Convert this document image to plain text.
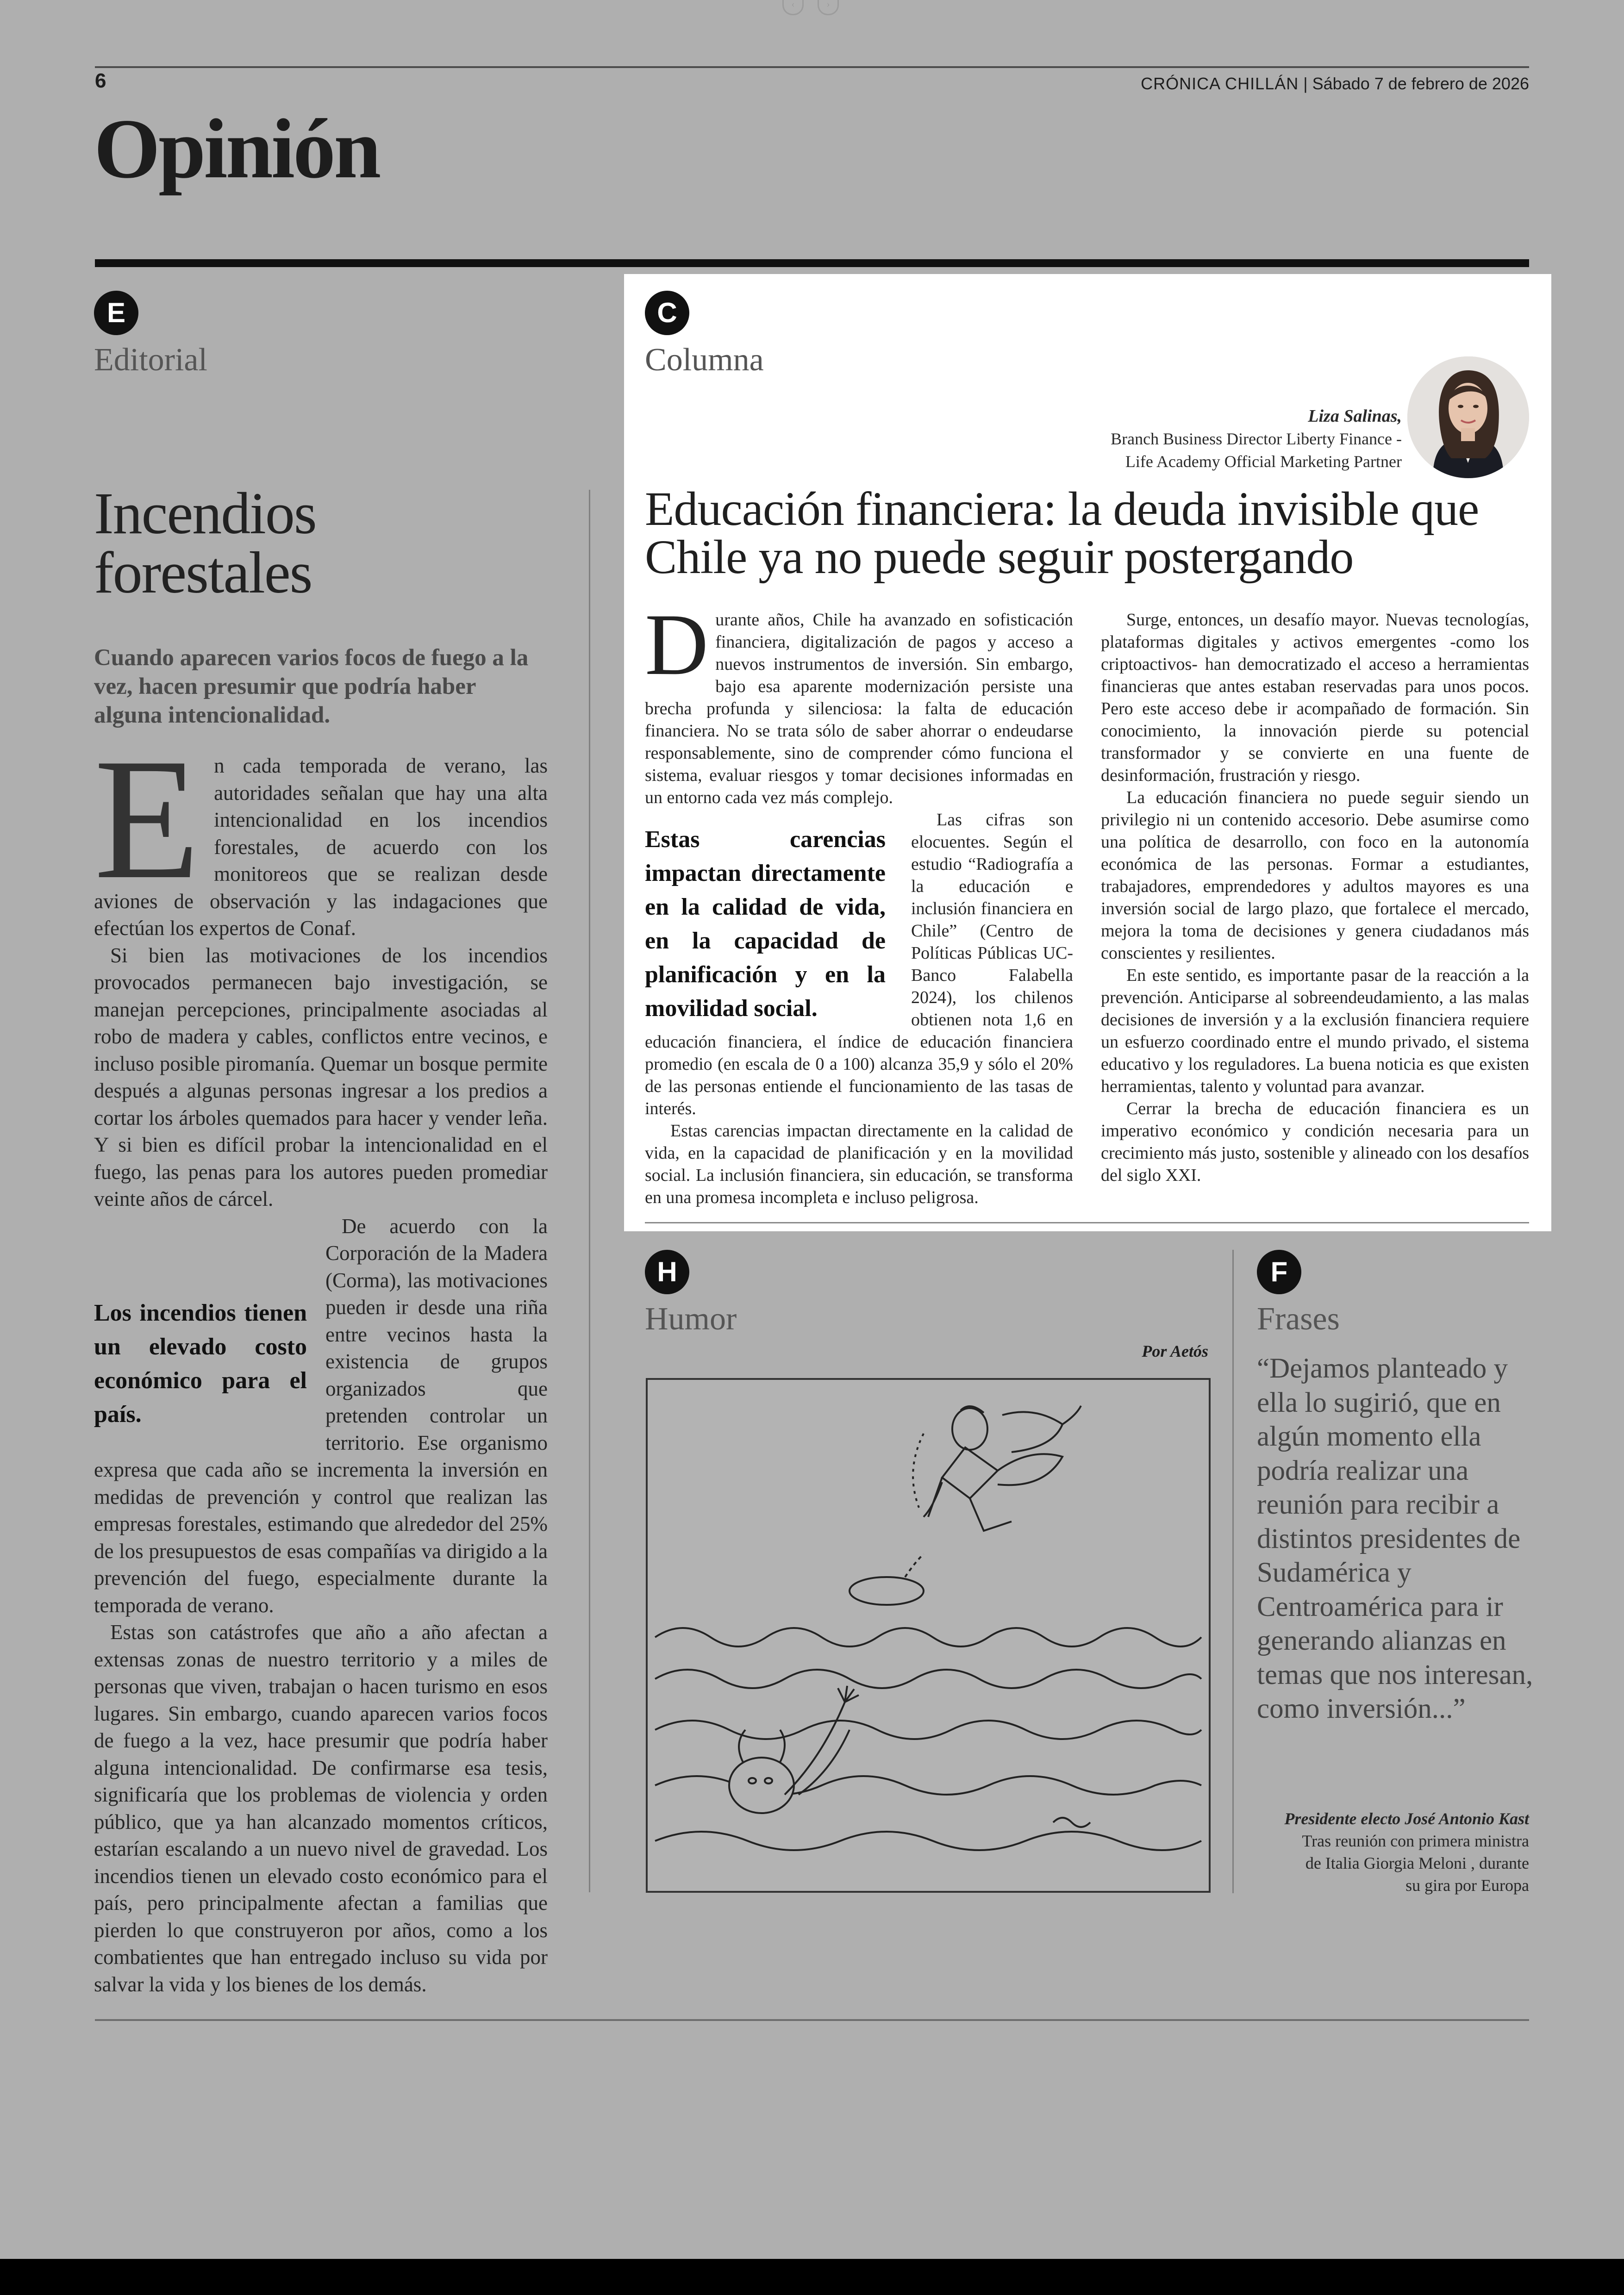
‹	›
6	CRÓNICA CHILLÁN | Sábado 7 de febrero de 2026
Opinión
E
Editorial
Incendios
forestales
Cuando aparecen varios focos de fuego a la vez, hacen presumir que podría haber alguna intencionalidad.

En cada temporada de verano, las autoridades señalan que hay una alta intencionalidad en los incendios forestales, de acuerdo con los monitoreos que se realizan desde aviones de observación y las indagaciones que efectúan los expertos de Conaf.

Si bien las motivaciones de los incendios provocados permanecen bajo investigación, se manejan percepciones, principalmente asociadas al robo de madera y cables, conflictos entre vecinos, e incluso posible piromanía. Quemar un bosque permite después a algunas personas ingresar a los predios a cortar los árboles quemados para hacer y vender leña. Y si bien es difícil probar la intencionalidad en el fuego, las penas para los autores pueden promediar veinte años de cárcel.

Los incendios tienen un elevado costo económico para el país.

De acuerdo con la Corporación de la Madera (Corma), las motivaciones pueden ir desde una riña entre vecinos hasta la existencia de grupos organizados que pretenden controlar un territorio. Ese organismo expresa que cada año se incrementa la inversión en medidas de prevención y control que realizan las empresas forestales, estimando que alrededor del 25% de los presupuestos de esas compañías va dirigido a la prevención del fuego, especialmente durante la temporada de verano.

Estas son catástrofes que año a año afectan a extensas zonas de nuestro territorio y a miles de personas que viven, trabajan o hacen turismo en esos lugares. Sin embargo, cuando aparecen varios focos de fuego a la vez, hace presumir que podría haber alguna intencionalidad. De confirmarse esa tesis, significaría que los problemas de violencia y orden público, que ya han alcanzado momentos críticos, estarían escalando a un nuevo nivel de gravedad. Los incendios tienen un elevado costo económico para el país, pero principalmente afectan a familias que pierden lo que construyeron por años, como a los combatientes que han entregado incluso su vida por salvar la vida y los bienes de los demás.

C
Columna
Liza Salinas,
Branch Business Director Liberty Finance -
Life Academy Official Marketing Partner
Educación financiera: la deuda invisible que Chile ya no puede seguir postergando

Durante años, Chile ha avanzado en sofisticación financiera, digitalización de pagos y acceso a nuevos instrumentos de inversión. Sin embargo, bajo esa aparente modernización persiste una brecha profunda y silenciosa: la falta de educación financiera. No se trata sólo de saber ahorrar o endeudarse responsablemente, sino de comprender cómo funciona el sistema, evaluar riesgos y tomar decisiones informadas en un entorno cada vez más complejo.

Estas carencias impactan directamente en la calidad de vida, en la capacidad de planificación y en la movilidad social.

Las cifras son elocuentes. Según el estudio “Radiografía a la educación e inclusión financiera en Chile” (Centro de Políticas Públicas UC-Banco Falabella 2024), los chilenos obtienen nota 1,6 en educación financiera, el índice de educación financiera promedio (en escala de 0 a 100) alcanza 35,9 y sólo el 20% de las personas entiende el funcionamiento de las tasas de interés.

Estas carencias impactan directamente en la calidad de vida, en la capacidad de planificación y en la movilidad social. La inclusión financiera, sin educación, se transforma en una promesa incompleta e incluso peligrosa.

Surge, entonces, un desafío mayor. Nuevas tecnologías, plataformas digitales y activos emergentes -como los criptoactivos- han democratizado el acceso a herramientas financieras que antes estaban reservadas para unos pocos. Pero este acceso debe ir acompañado de formación. Sin conocimiento, la innovación pierde su potencial transformador y se convierte en una fuente de desinformación, frustración y riesgo.

La educación financiera no puede seguir siendo un privilegio ni un contenido accesorio. Debe asumirse como una política de desarrollo, con foco en la autonomía económica de las personas. Formar a estudiantes, trabajadores, emprendedores y adultos mayores es una inversión social de largo plazo, que fortalece el mercado, mejora la toma de decisiones y genera ciudadanos más conscientes y resilientes.

En este sentido, es importante pasar de la reacción a la prevención. Anticiparse al sobreendeudamiento, a las malas decisiones de inversión y a la exclusión financiera requiere un esfuerzo coordinado entre el mundo privado, el sistema educativo y los reguladores. La buena noticia es que existen herramientas, talento y voluntad para avanzar.

Cerrar la brecha de educación financiera es un imperativo económico y condición necesaria para un crecimiento más justo, sostenible y alineado con los desafíos del siglo XXI.

H
Humor
Por Aetós
F
Frases
“Dejamos planteado y ella lo sugirió, que en algún momento ella podría realizar una reunión para recibir a distintos presidentes de Sudamérica y Centroamérica para ir generando alianzas en temas que nos interesan, como inversión...”
Presidente electo José Antonio Kast
Tras reunión con primera ministra
de Italia Giorgia Meloni , durante
su gira por Europa
